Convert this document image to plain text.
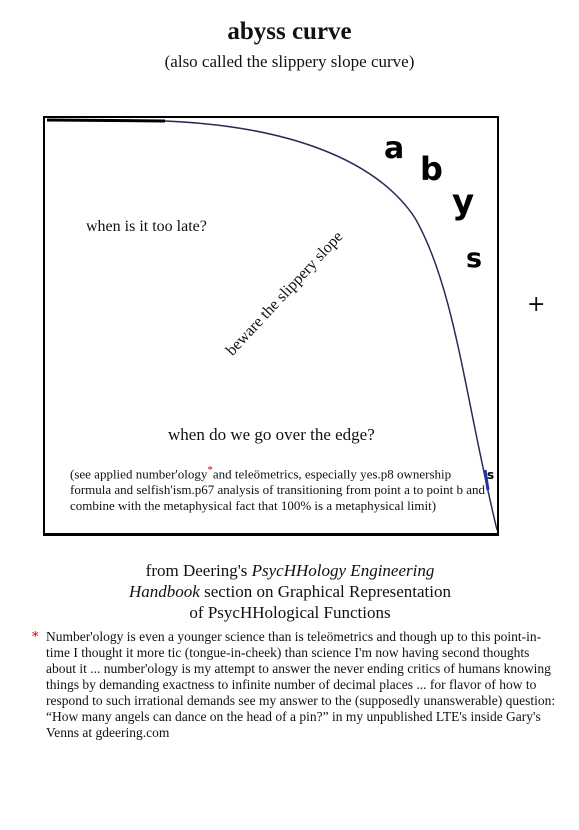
abyss curve
(also called the slippery slope curve)
a
b
y
s
s
when is it too late?
beware the slippery slope
when do we go over the edge?
(see applied number'ology*and teleömetrics, especially yes.p8 ownership formula and selfish'ism.p67 analysis of transitioning from point a to point b and combine with the metaphysical fact that 100% is a metaphysical limit)
+
from Deering's PsycHHology Engineering
Handbook section on Graphical Representation
of PsycHHological Functions
* Number'ology is even a younger science than is teleömetrics and though up to this point-in-time I thought it more tic (tongue-in-cheek) than science I'm now having second thoughts about it ... number'ology is my attempt to answer the never ending critics of humans knowing things by demanding exactness to infinite number of decimal places ... for flavor of how to respond to such irrational demands see my answer to the (supposedly unanswerable) question: “How many angels can dance on the head of a pin?” in my unpublished LTE's inside Gary's Venns at gdeering.com
